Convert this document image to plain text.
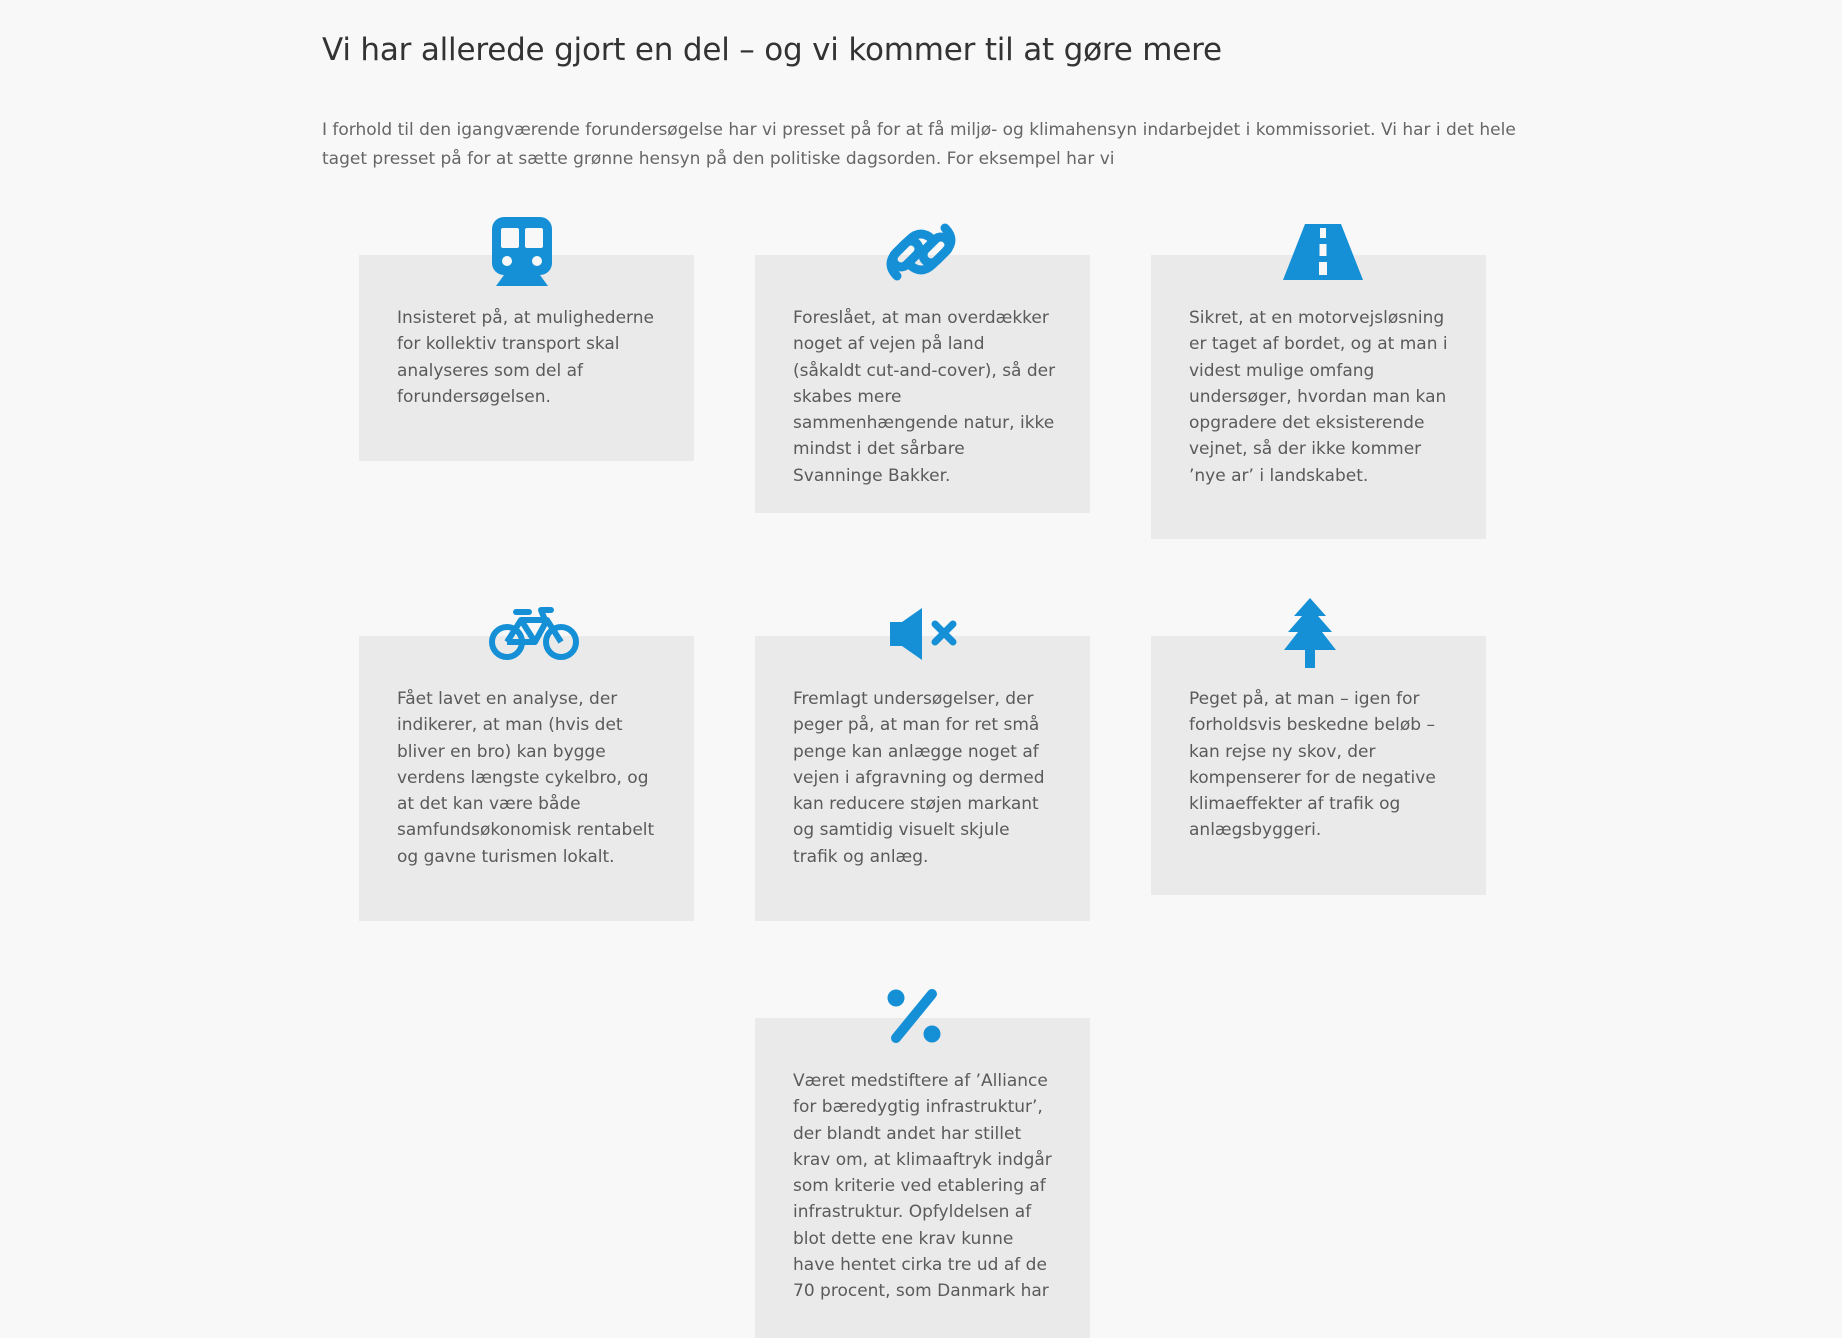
Vi har allerede gjort en del – og vi kommer til at gøre mere

I forhold til den igangværende forundersøgelse har vi presset på for at få miljø- og klimahensyn indarbejdet i kommissoriet. Vi har i det hele taget presset på for at sætte grønne hensyn på den politiske dagsorden. For eksempel har vi

Insisteret på, at mulighederne for kollektiv transport skal analyseres som del af forundersøgelsen.

Foreslået, at man overdækker noget af vejen på land (såkaldt cut-and-cover), så der skabes mere sammenhængende natur, ikke mindst i det sårbare Svanninge Bakker.

Sikret, at en motorvejsløsning er taget af bordet, og at man i videst mulige omfang undersøger, hvordan man kan opgradere det eksisterende vejnet, så der ikke kommer ’nye ar’ i landskabet.

Fået lavet en analyse, der indikerer, at man (hvis det bliver en bro) kan bygge verdens længste cykelbro, og at det kan være både samfundsøkonomisk rentabelt og gavne turismen lokalt.

Fremlagt undersøgelser, der peger på, at man for ret små penge kan anlægge noget af vejen i afgravning og dermed kan reducere støjen markant og samtidig visuelt skjule trafik og anlæg.

Peget på, at man – igen for forholdsvis beskedne beløb – kan rejse ny skov, der kompenserer for de negative klimaeffekter af trafik og anlægsbyggeri.

Været medstiftere af ’Alliance for bæredygtig infrastruktur’, der blandt andet har stillet krav om, at klimaaftryk indgår som kriterie ved etablering af infrastruktur. Opfyldelsen af blot dette ene krav kunne have hentet cirka tre ud af de 70 procent, som Danmark har
